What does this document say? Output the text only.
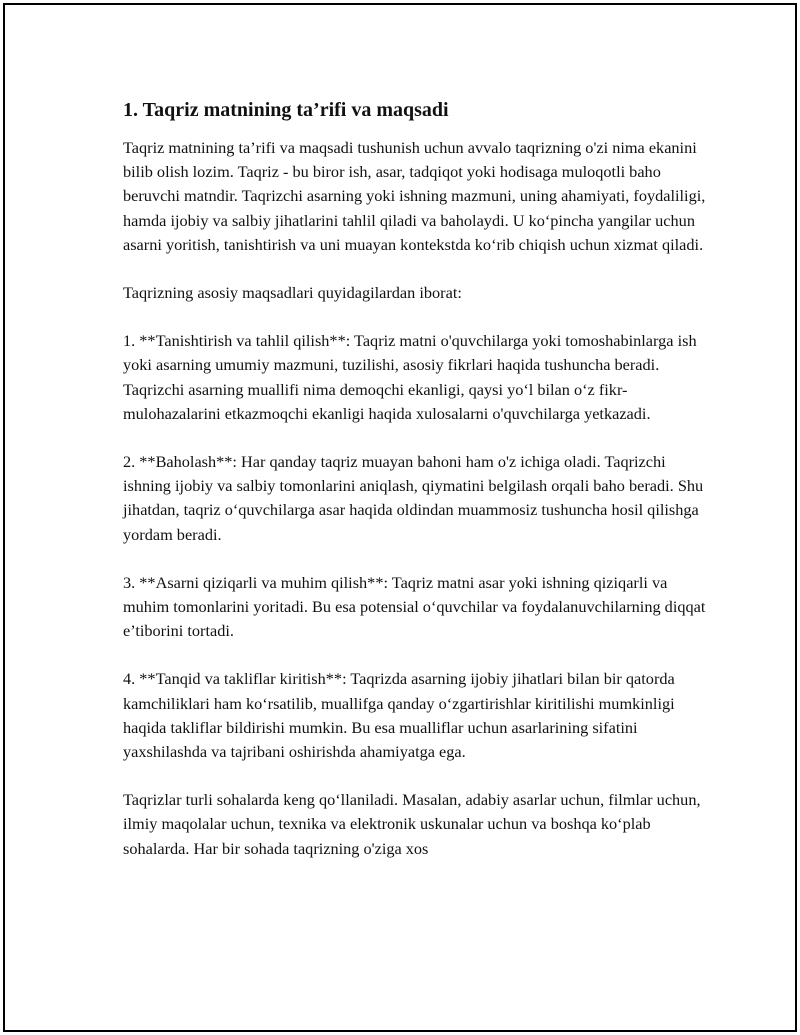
1. Taqriz matnining ta’rifi va maqsadi

Taqriz matnining ta’rifi va maqsadi tushunish uchun avvalo taqrizning o'zi nima ekanini bilib olish lozim. Taqriz - bu biror ish, asar, tadqiqot yoki hodisaga muloqotli baho beruvchi matndir. Taqrizchi asarning yoki ishning mazmuni, uning ahamiyati, foydaliligi, hamda ijobiy va salbiy jihatlarini tahlil qiladi va baholaydi. U ko‘pincha yangilar uchun asarni yoritish, tanishtirish va uni muayan kontekstda ko‘rib chiqish uchun xizmat qiladi.

Taqrizning asosiy maqsadlari quyidagilardan iborat:

1. **Tanishtirish va tahlil qilish**: Taqriz matni o'quvchilarga yoki tomoshabinlarga ish yoki asarning umumiy mazmuni, tuzilishi, asosiy fikrlari haqida tushuncha beradi. Taqrizchi asarning muallifi nima demoqchi ekanligi, qaysi yo‘l bilan o‘z fikr-mulohazalarini etkazmoqchi ekanligi haqida xulosalarni o'quvchilarga yetkazadi.

2. **Baholash**: Har qanday taqriz muayan bahoni ham o'z ichiga oladi. Taqrizchi ishning ijobiy va salbiy tomonlarini aniqlash, qiymatini belgilash orqali baho beradi. Shu jihatdan, taqriz o‘quvchilarga asar haqida oldindan muammosiz tushuncha hosil qilishga yordam beradi.

3. **Asarni qiziqarli va muhim qilish**: Taqriz matni asar yoki ishning qiziqarli va muhim tomonlarini yoritadi. Bu esa potensial o‘quvchilar va foydalanuvchilarning diqqat e’tiborini tortadi.

4. **Tanqid va takliflar kiritish**: Taqrizda asarning ijobiy jihatlari bilan bir qatorda kamchiliklari ham ko‘rsatilib, muallifga qanday o‘zgartirishlar kiritilishi mumkinligi haqida takliflar bildirishi mumkin. Bu esa mualliflar uchun asarlarining sifatini yaxshilashda va tajribani oshirishda ahamiyatga ega.

Taqrizlar turli sohalarda keng qo‘llaniladi. Masalan, adabiy asarlar uchun, filmlar uchun, ilmiy maqolalar uchun, texnika va elektronik uskunalar uchun va boshqa ko‘plab sohalarda. Har bir sohada taqrizning o'ziga xos
